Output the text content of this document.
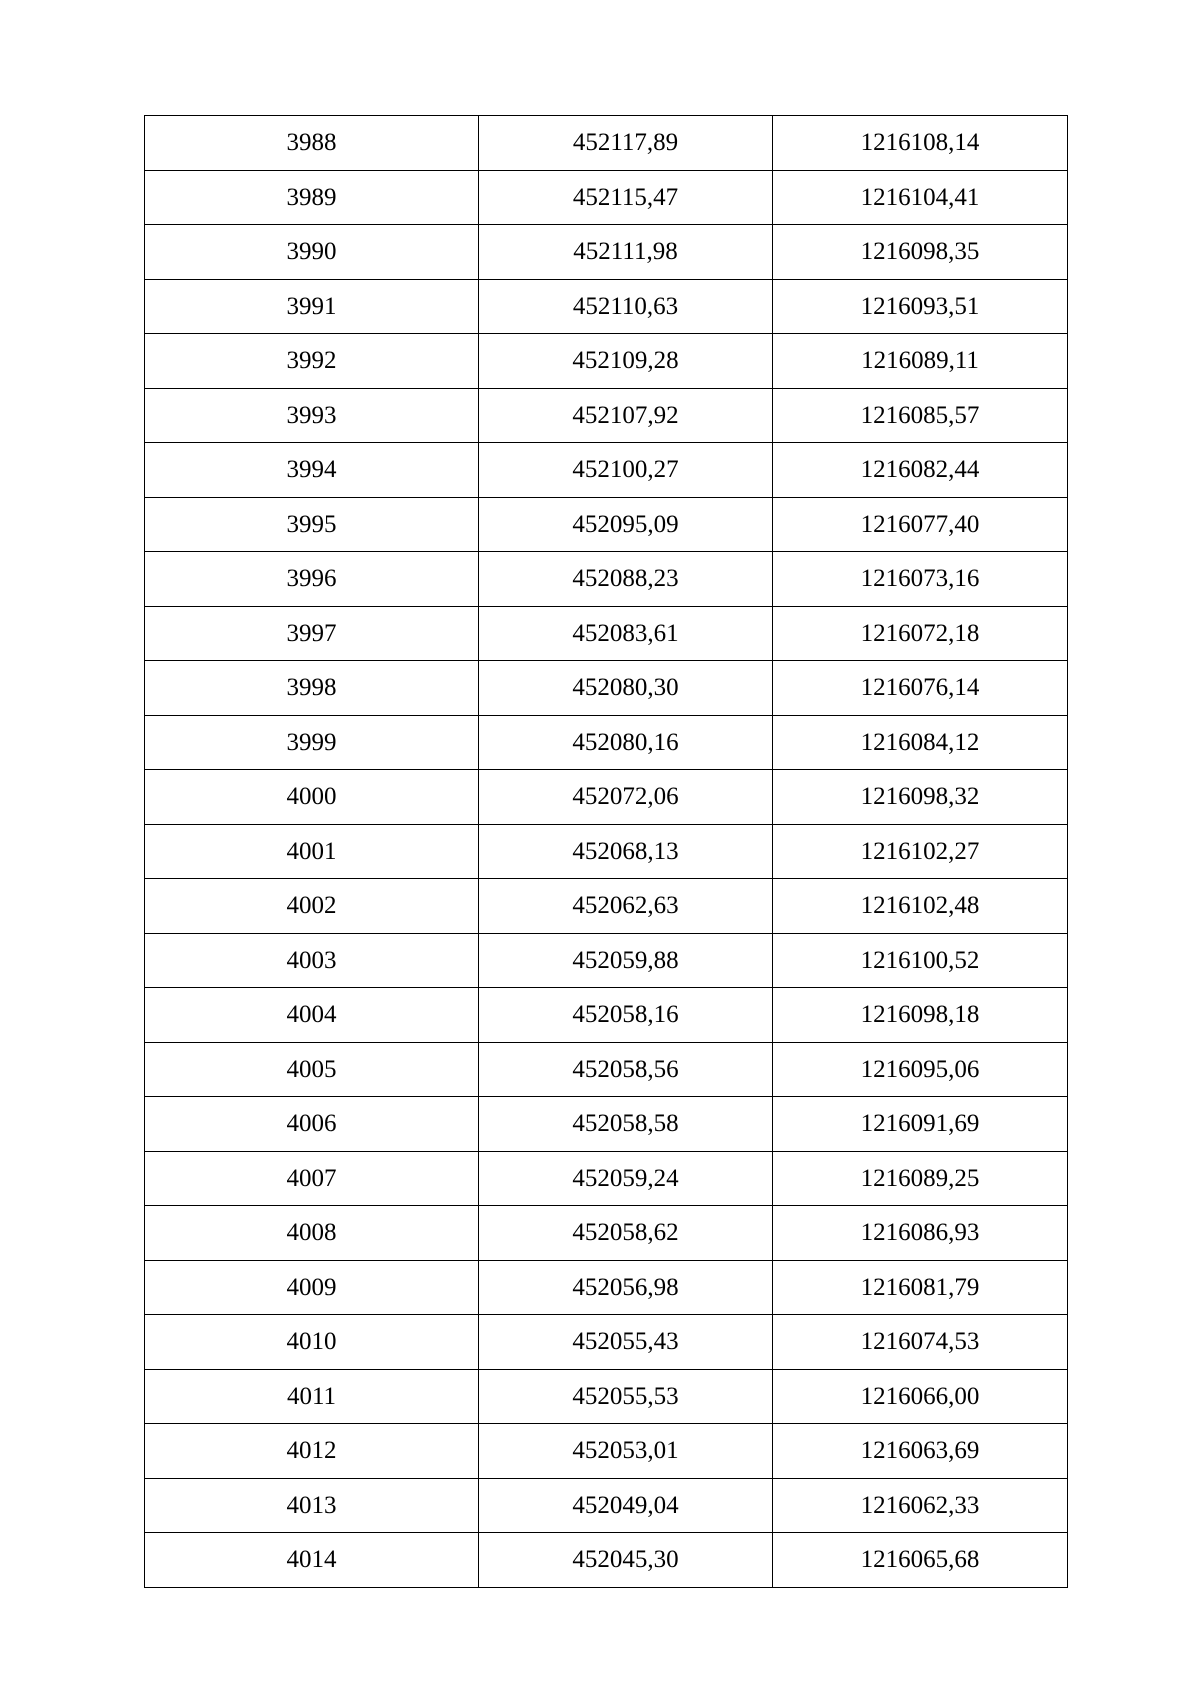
3988	452117,89	1216108,14
3989	452115,47	1216104,41
3990	452111,98	1216098,35
3991	452110,63	1216093,51
3992	452109,28	1216089,11
3993	452107,92	1216085,57
3994	452100,27	1216082,44
3995	452095,09	1216077,40
3996	452088,23	1216073,16
3997	452083,61	1216072,18
3998	452080,30	1216076,14
3999	452080,16	1216084,12
4000	452072,06	1216098,32
4001	452068,13	1216102,27
4002	452062,63	1216102,48
4003	452059,88	1216100,52
4004	452058,16	1216098,18
4005	452058,56	1216095,06
4006	452058,58	1216091,69
4007	452059,24	1216089,25
4008	452058,62	1216086,93
4009	452056,98	1216081,79
4010	452055,43	1216074,53
4011	452055,53	1216066,00
4012	452053,01	1216063,69
4013	452049,04	1216062,33
4014	452045,30	1216065,68
